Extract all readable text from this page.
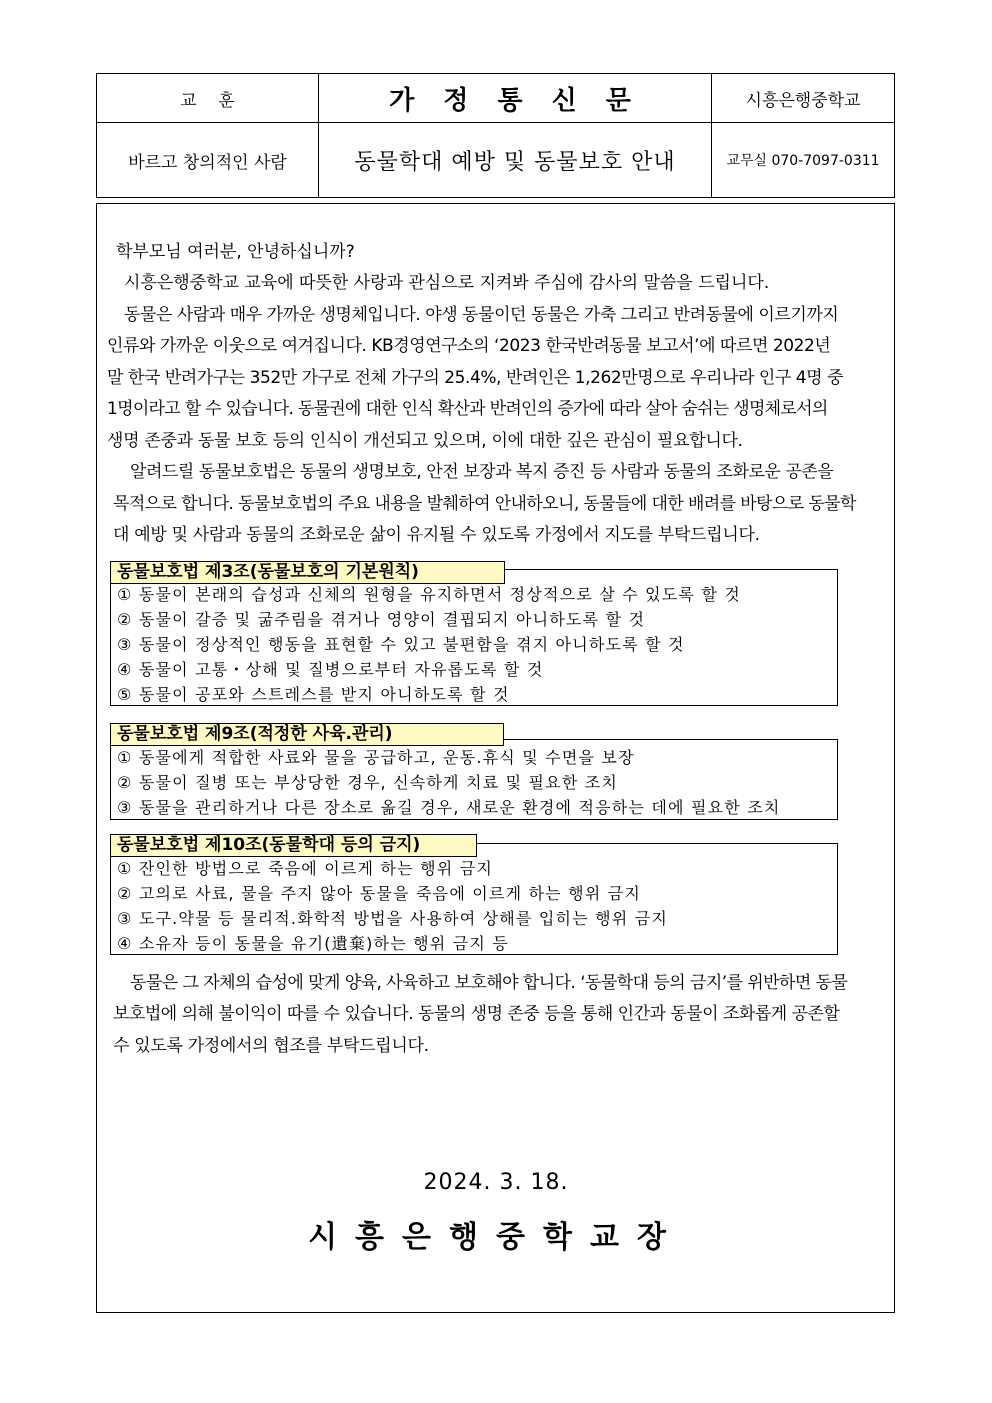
교    훈	가 정 통 신 문	시흥은행중학교
바르고 창의적인 사람	동물학대 예방 및 동물보호 안내	교무실 070-7097-0311
학부모님 여러분, 안녕하십니까?
시흥은행중학교 교육에 따뜻한 사랑과 관심으로 지켜봐 주심에 감사의 말씀을 드립니다.
동물은 사람과 매우 가까운 생명체입니다. 야생 동물이던 동물은 가축 그리고 반려동물에 이르기까지
인류와 가까운 이웃으로 여겨집니다. KB경영연구소의 ‘2023 한국반려동물 보고서’에 따르면 2022년
말 한국 반려가구는 352만 가구로 전체 가구의 25.4%, 반려인은 1,262만명으로 우리나라 인구 4명 중
1명이라고 할 수 있습니다. 동물권에 대한 인식 확산과 반려인의 증가에 따라 살아 숨쉬는 생명체로서의
생명 존중과 동물 보호 등의 인식이 개선되고 있으며, 이에 대한 깊은 관심이 필요합니다.
알려드릴 동물보호법은 동물의 생명보호, 안전 보장과 복지 증진 등 사람과 동물의 조화로운 공존을
목적으로 합니다. 동물보호법의 주요 내용을 발췌하여 안내하오니, 동물들에 대한 배려를 바탕으로 동물학
대 예방 및 사람과 동물의 조화로운 삶이 유지될 수 있도록 가정에서 지도를 부탁드립니다.
동물보호법 제3조(동물보호의 기본원칙)
① 동물이 본래의 습성과 신체의 원형을 유지하면서 정상적으로 살 수 있도록 할 것
② 동물이 갈증 및 굶주림을 겪거나 영양이 결핍되지 아니하도록 할 것
③ 동물이 정상적인 행동을 표현할 수 있고 불편함을 겪지 아니하도록 할 것
④ 동물이 고통・상해 및 질병으로부터 자유롭도록 할 것
⑤ 동물이 공포와 스트레스를 받지 아니하도록 할 것
동물보호법 제9조(적정한 사육.관리)
① 동물에게 적합한 사료와 물을 공급하고, 운동.휴식 및 수면을 보장
② 동물이 질병 또는 부상당한 경우, 신속하게 치료 및 필요한 조치
③ 동물을 관리하거나 다른 장소로 옮길 경우, 새로운 환경에 적응하는 데에 필요한 조치
동물보호법 제10조(동물학대 등의 금지)
① 잔인한 방법으로 죽음에 이르게 하는 행위 금지
② 고의로 사료, 물을 주지 않아 동물을 죽음에 이르게 하는 행위 금지
③ 도구.약물 등 물리적.화학적 방법을 사용하여 상해를 입히는 행위 금지
④ 소유자 등이 동물을 유기(遺棄)하는 행위 금지 등
동물은 그 자체의 습성에 맞게 양육, 사육하고 보호해야 합니다. ‘동물학대 등의 금지’를 위반하면 동물
보호법에 의해 불이익이 따를 수 있습니다. 동물의 생명 존중 등을 통해 인간과 동물이 조화롭게 공존할
수 있도록 가정에서의 협조를 부탁드립니다.
2024. 3. 18.
시흥은행중학교장
